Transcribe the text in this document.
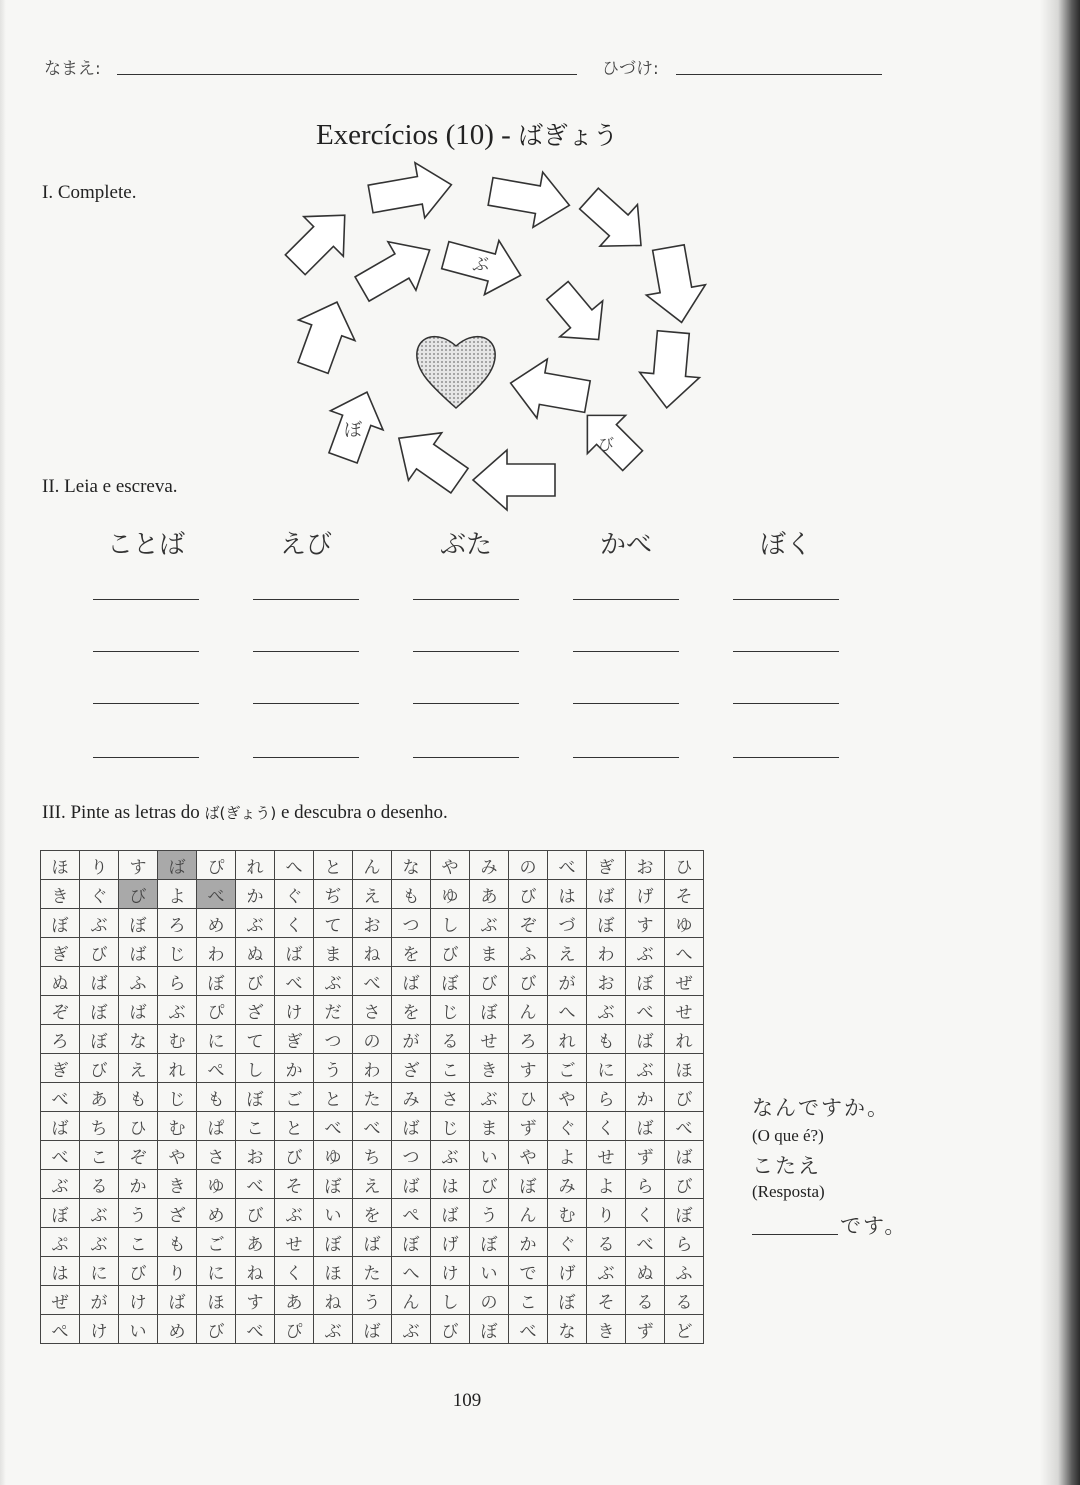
なまえ:	ひづけ:
Exercícios (10) - ばぎょう
I. Complete.
ぶ
ぼ
び
II. Leia e escreva.
ことば	えび	ぶた	かべ	ぼく
III. Pinte as letras do ば(ぎょう) e descubra o desenho.
ほ	り	す	ば	ぴ	れ	へ	と	ん	な	や	み	の	べ	ぎ	お	ひ
き	ぐ	び	よ	べ	か	ぐ	ぢ	え	も	ゆ	あ	び	は	ば	げ	そ
ぼ	ぶ	ぼ	ろ	め	ぶ	く	て	お	つ	し	ぶ	ぞ	づ	ぼ	す	ゆ
ぎ	び	ば	じ	わ	ぬ	ば	ま	ね	を	び	ま	ふ	え	わ	ぶ	へ
ぬ	ば	ふ	ら	ぼ	び	べ	ぶ	べ	ば	ぼ	び	び	が	お	ぼ	ぜ
ぞ	ぼ	ば	ぶ	ぴ	ざ	け	だ	さ	を	じ	ぼ	ん	へ	ぶ	べ	せ
ろ	ぼ	な	む	に	て	ぎ	つ	の	が	る	せ	ろ	れ	も	ば	れ
ぎ	び	え	れ	ぺ	し	か	う	わ	ざ	こ	き	す	ご	に	ぶ	ほ
べ	あ	も	じ	も	ぼ	ご	と	た	み	さ	ぶ	ひ	や	ら	か	び
ば	ち	ひ	む	ぱ	こ	と	べ	べ	ば	じ	ま	ず	ぐ	く	ば	べ
べ	こ	ぞ	や	さ	お	び	ゆ	ち	つ	ぶ	い	や	よ	せ	ず	ば
ぶ	る	か	き	ゆ	べ	そ	ぼ	え	ば	は	び	ぼ	み	よ	ら	び
ぼ	ぶ	う	ざ	め	び	ぶ	い	を	ぺ	ば	う	ん	む	り	く	ぼ
ぷ	ぶ	こ	も	ご	あ	せ	ぼ	ば	ぼ	げ	ぼ	か	ぐ	る	べ	ら
は	に	び	り	に	ね	く	ほ	た	へ	け	い	で	げ	ぶ	ぬ	ふ
ぜ	が	け	ば	ほ	す	あ	ね	う	ん	し	の	こ	ぼ	そ	る	る
ぺ	け	い	め	び	べ	ぴ	ぶ	ば	ぶ	び	ぼ	べ	な	き	ず	ど
なんですか。
(O que é?)
こたえ
(Resposta)
です。
109
